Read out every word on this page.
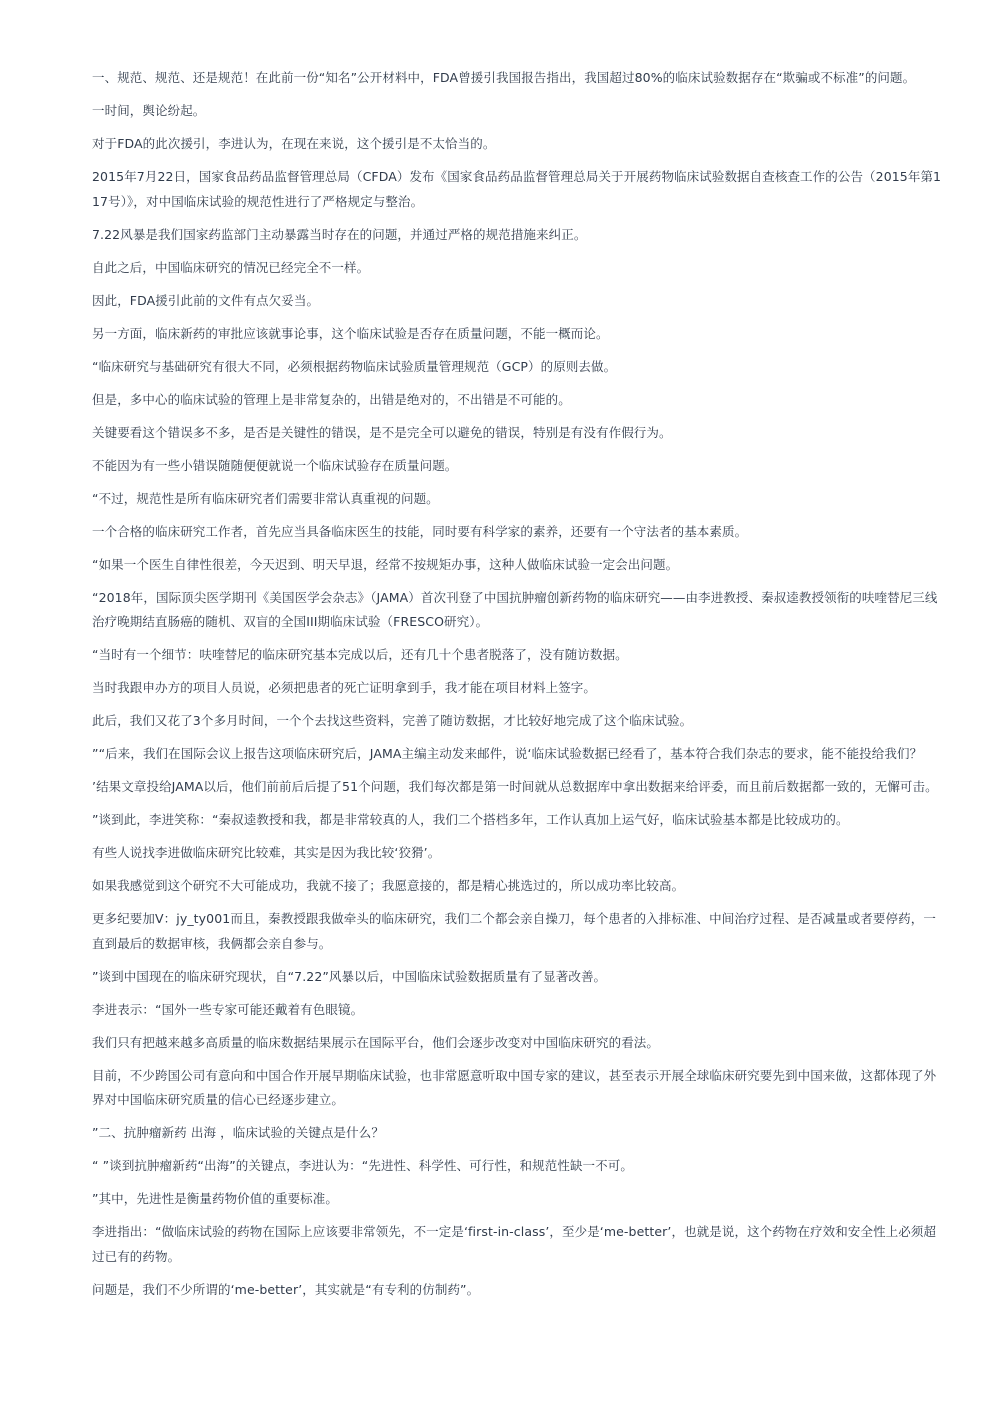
一、规范、规范、还是规范！在此前一份“知名”公开材料中，FDA曾援引我国报告指出，我国超过80%的临床试验数据存在“欺骗或不标准”的问题。

一时间，舆论纷起。

对于FDA的此次援引，李进认为，在现在来说，这个援引是不太恰当的。

2015年7月22日，国家食品药品监督管理总局（CFDA）发布《国家食品药品监督管理总局关于开展药物临床试验数据自查核查工作的公告（2015年第117号）》，对中国临床试验的规范性进行了严格规定与整治。

7.22风暴是我们国家药监部门主动暴露当时存在的问题，并通过严格的规范措施来纠正。

自此之后，中国临床研究的情况已经完全不一样。

因此，FDA援引此前的文件有点欠妥当。

另一方面，临床新药的审批应该就事论事，这个临床试验是否存在质量问题，不能一概而论。

“临床研究与基础研究有很大不同，必须根据药物临床试验质量管理规范（GCP）的原则去做。

但是，多中心的临床试验的管理上是非常复杂的，出错是绝对的，不出错是不可能的。

关键要看这个错误多不多，是否是关键性的错误，是不是完全可以避免的错误，特别是有没有作假行为。

不能因为有一些小错误随随便便就说一个临床试验存在质量问题。

“不过，规范性是所有临床研究者们需要非常认真重视的问题。

一个合格的临床研究工作者，首先应当具备临床医生的技能，同时要有科学家的素养，还要有一个守法者的基本素质。

“如果一个医生自律性很差，今天迟到、明天早退，经常不按规矩办事，这种人做临床试验一定会出问题。

“2018年，国际顶尖医学期刊《美国医学会杂志》（JAMA）首次刊登了中国抗肿瘤创新药物的临床研究——由李进教授、秦叔逵教授领衔的呋喹替尼三线治疗晚期结直肠癌的随机、双盲的全国III期临床试验（FRESCO研究）。

“当时有一个细节：呋喹替尼的临床研究基本完成以后，还有几十个患者脱落了，没有随访数据。

当时我跟申办方的项目人员说，必须把患者的死亡证明拿到手，我才能在项目材料上签字。

此后，我们又花了3个多月时间，一个个去找这些资料，完善了随访数据，才比较好地完成了这个临床试验。

”“后来，我们在国际会议上报告这项临床研究后，JAMA主编主动发来邮件，说‘临床试验数据已经看了，基本符合我们杂志的要求，能不能投给我们？

’结果文章投给JAMA以后，他们前前后后提了51个问题，我们每次都是第一时间就从总数据库中拿出数据来给评委，而且前后数据都一致的，无懈可击。

”谈到此，李进笑称：“秦叔逵教授和我，都是非常较真的人，我们二个搭档多年，工作认真加上运气好，临床试验基本都是比较成功的。

有些人说找李进做临床研究比较难，其实是因为我比较‘狡猾’。

如果我感觉到这个研究不大可能成功，我就不接了；我愿意接的，都是精心挑选过的，所以成功率比较高。

更多纪要加V：jy_ty001而且，秦教授跟我做牵头的临床研究，我们二个都会亲自操刀，每个患者的入排标准、中间治疗过程、是否减量或者要停药，一直到最后的数据审核，我俩都会亲自参与。

”谈到中国现在的临床研究现状，自“7.22”风暴以后，中国临床试验数据质量有了显著改善。

李进表示：“国外一些专家可能还戴着有色眼镜。

我们只有把越来越多高质量的临床数据结果展示在国际平台，他们会逐步改变对中国临床研究的看法。

目前，不少跨国公司有意向和中国合作开展早期临床试验，也非常愿意听取中国专家的建议，甚至表示开展全球临床研究要先到中国来做，这都体现了外界对中国临床研究质量的信心已经逐步建立。

”二、抗肿瘤新药 出海 ，临床试验的关键点是什么？

“ ”谈到抗肿瘤新药“出海”的关键点，李进认为：“先进性、科学性、可行性，和规范性缺一不可。

”其中，先进性是衡量药物价值的重要标准。

李进指出：“做临床试验的药物在国际上应该要非常领先，不一定是‘first-in-class’，至少是‘me-better’，也就是说，这个药物在疗效和安全性上必须超过已有的药物。

问题是，我们不少所谓的‘me-better’，其实就是“有专利的仿制药”。
